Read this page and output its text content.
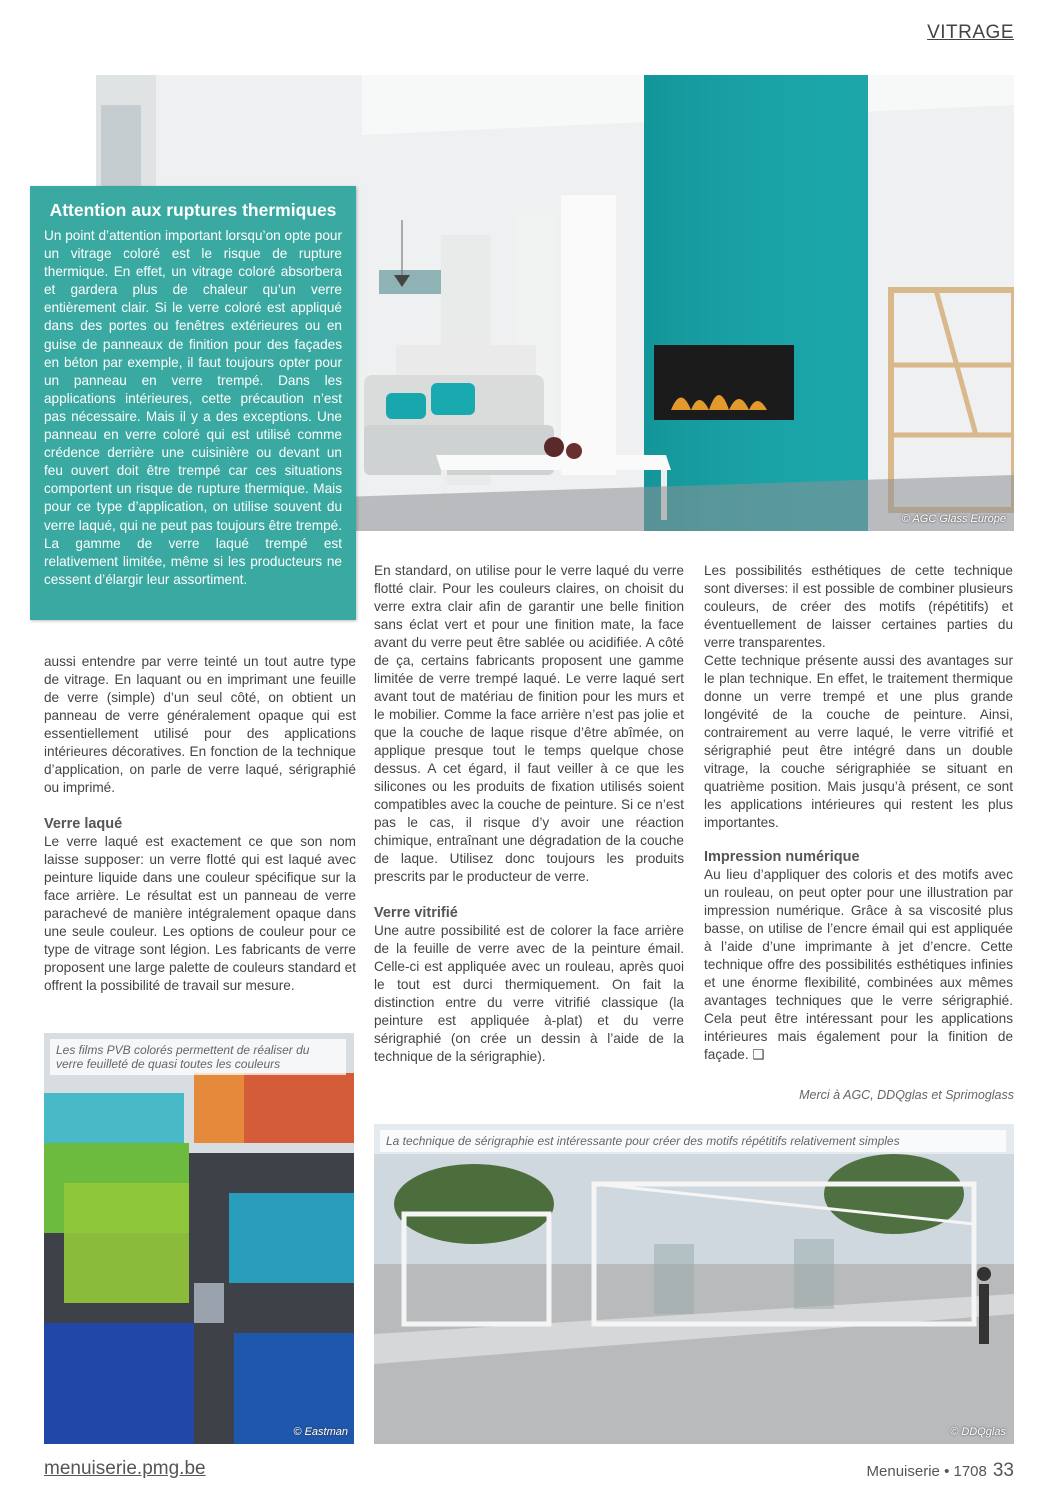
VITRAGE
© AGC Glass Europe
Attention aux ruptures thermiques
Un point d’attention important lorsqu’on opte pour un vitrage coloré est le risque de rupture thermique. En effet, un vitrage coloré absorbera et gardera plus de chaleur qu’un verre entièrement clair. Si le verre coloré est appliqué dans des portes ou fenêtres extérieures ou en guise de panneaux de finition pour des façades en béton par exemple, il faut toujours opter pour un panneau en verre trempé. Dans les applications intérieures, cette précaution n’est pas nécessaire. Mais il y a des exceptions. Une panneau en verre coloré qui est utilisé comme crédence derrière une cuisinière ou devant un feu ouvert doit être trempé car ces situations comportent un risque de rupture thermique. Mais pour ce type d’application, on utilise souvent du verre laqué, qui ne peut pas toujours être trempé. La gamme de verre laqué trempé est relativement limitée, même si les producteurs ne cessent d’élargir leur assortiment.

aussi entendre par verre teinté un tout autre type de vitrage. En laquant ou en imprimant une feuille de verre (simple) d’un seul côté, on obtient un panneau de verre généralement opaque qui est essentiellement utilisé pour des applications intérieures décoratives. En fonction de la technique d’application, on parle de verre laqué, sérigraphié ou imprimé.

Verre laqué

Le verre laqué est exactement ce que son nom laisse supposer: un verre flotté qui est laqué avec peinture liquide dans une couleur spécifique sur la face arrière. Le résultat est un panneau de verre parachevé de manière intégralement opaque dans une seule couleur. Les options de couleur pour ce type de vitrage sont légion. Les fabricants de verre proposent une large palette de couleurs standard et offrent la possibilité de travail sur mesure.

En standard, on utilise pour le verre laqué du verre flotté clair. Pour les couleurs claires, on choisit du verre extra clair afin de garantir une belle finition sans éclat vert et pour une finition mate, la face avant du verre peut être sablée ou acidifiée. A côté de ça, certains fabricants proposent une gamme limitée de verre trempé laqué. Le verre laqué sert avant tout de matériau de finition pour les murs et le mobilier. Comme la face arrière n’est pas jolie et que la couche de laque risque d’être abîmée, on applique presque tout le temps quelque chose dessus. A cet égard, il faut veiller à ce que les silicones ou les produits de fixation utilisés soient compatibles avec la couche de peinture. Si ce n’est pas le cas, il risque d’y avoir une réaction chimique, entraînant une dégradation de la couche de laque. Utilisez donc toujours les produits prescrits par le producteur de verre.

Verre vitrifié

Une autre possibilité est de colorer la face arrière de la feuille de verre avec de la peinture émail. Celle-ci est appliquée avec un rouleau, après quoi le tout est durci thermiquement. On fait la distinction entre du verre vitrifié classique (la peinture est appliquée à-plat) et du verre sérigraphié (on crée un dessin à l’aide de la technique de la sérigraphie).

Les possibilités esthétiques de cette technique sont diverses: il est possible de combiner plusieurs couleurs, de créer des motifs (répétitifs) et éventuellement de laisser certaines parties du verre transparentes.

Cette technique présente aussi des avantages sur le plan technique. En effet, le traitement thermique donne un verre trempé et une plus grande longévité de la couche de peinture. Ainsi, contrairement au verre laqué, le verre vitrifié et sérigraphié peut être intégré dans un double vitrage, la couche sérigraphiée se situant en quatrième position. Mais jusqu’à présent, ce sont les applications intérieures qui restent les plus importantes.

Impression numérique

Au lieu d’appliquer des coloris et des motifs avec un rouleau, on peut opter pour une illustration par impression numérique. Grâce à sa viscosité plus basse, on utilise de l’encre émail qui est appliquée à l’aide d’une imprimante à jet d’encre. Cette technique offre des possibilités esthétiques infinies et une énorme flexibilité, combinées aux mêmes avantages techniques que le verre sérigraphié. Cela peut être intéressant pour les applications intérieures mais également pour la finition de façade. ❑

Merci à AGC, DDQglas et Sprimoglass
Les films PVB colorés permettent de réaliser du verre feuilleté de quasi toutes les couleurs
© Eastman
La technique de sérigraphie est intéressante pour créer des motifs répétitifs relativement simples
© DDQglas
menuiserie.pmg.be	Menuiserie • 1708 33
